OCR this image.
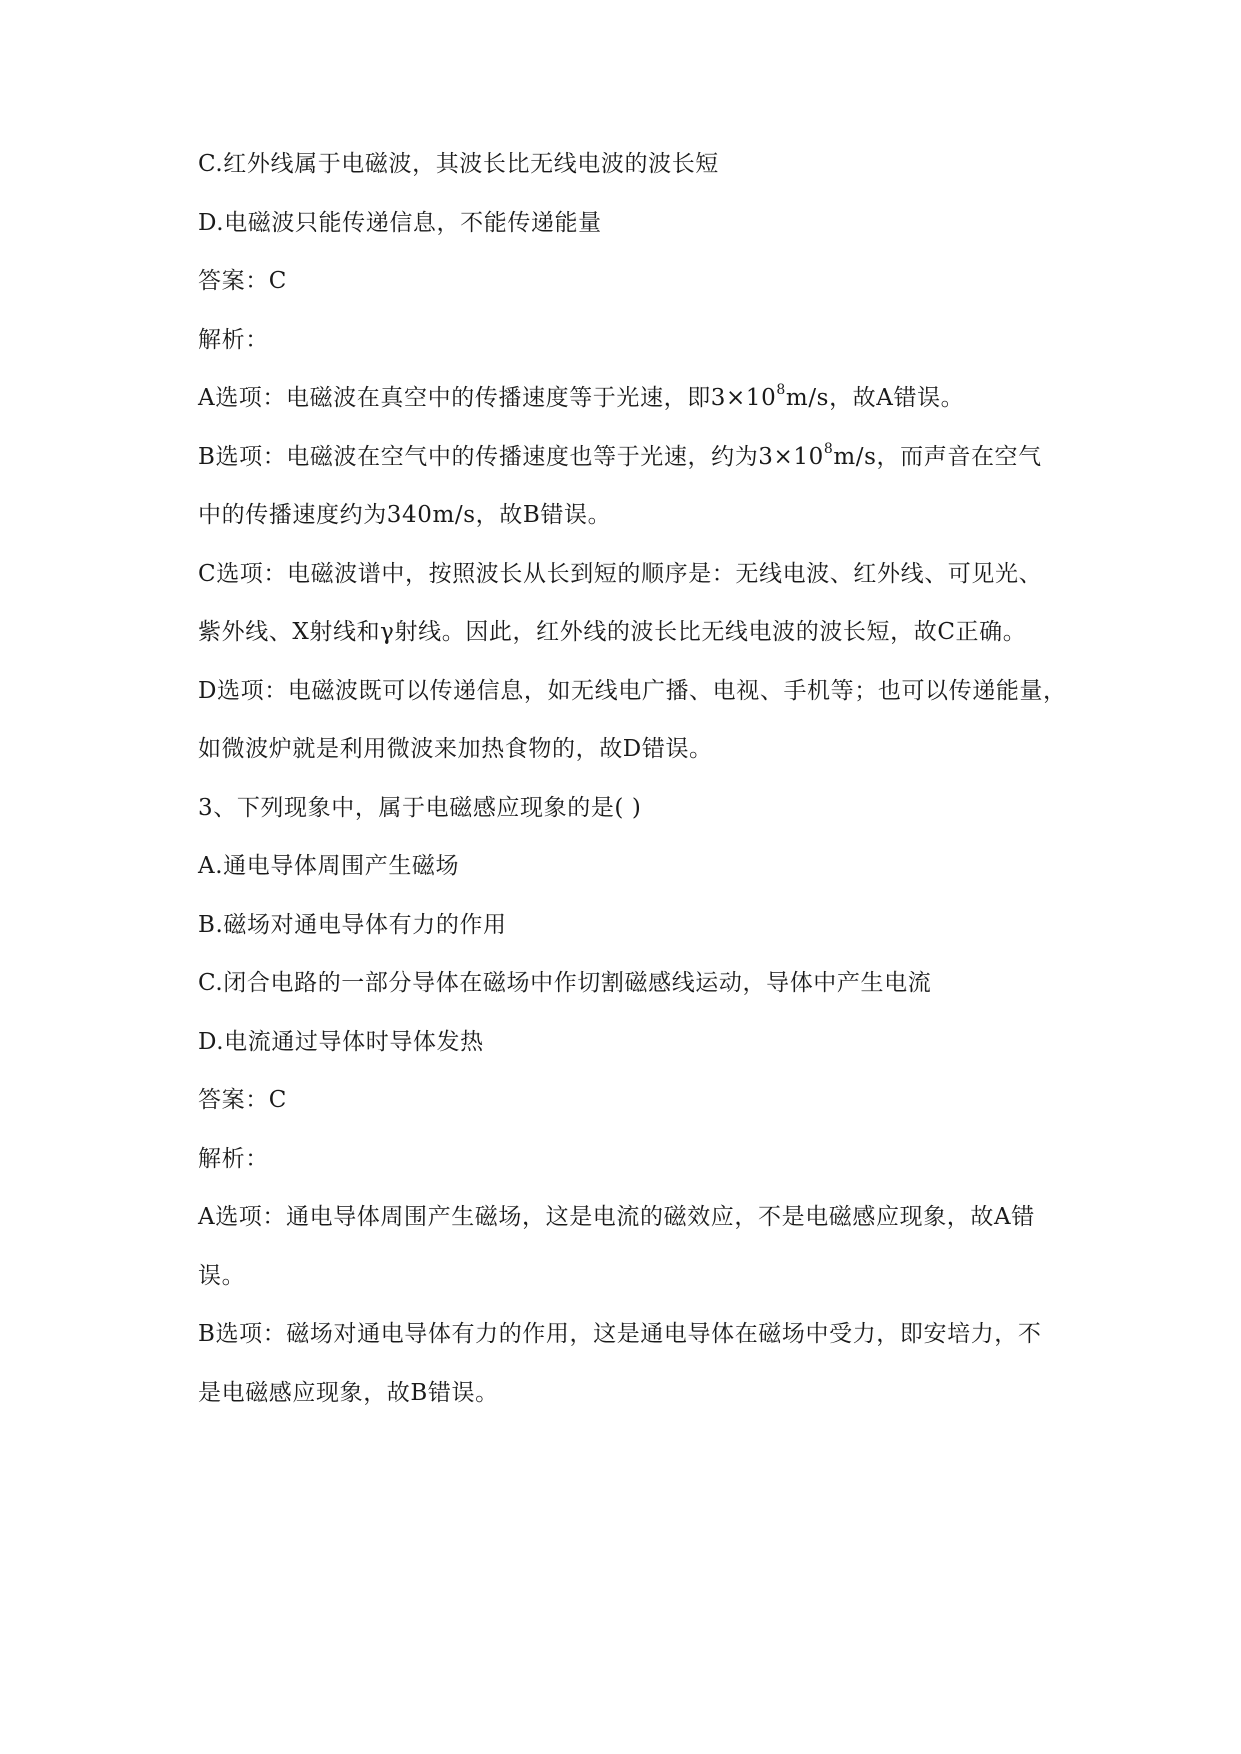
C.红外线属于电磁波，其波长比无线电波的波长短
D.电磁波只能传递信息，不能传递能量
答案：C
解析：
A选项：电磁波在真空中的传播速度等于光速，即$3\times 10^8m/s$，故A错误。
B选项：电磁波在空气中的传播速度也等于光速，约为$3\times 10^8m/s$，而声音在空气
中的传播速度约为340m/s，故B错误。
C选项：电磁波谱中，按照波长从长到短的顺序是：无线电波、红外线、可见光、
紫外线、X射线和γ射线。因此，红外线的波长比无线电波的波长短，故C正确。
D选项：电磁波既可以传递信息，如无线电广播、电视、手机等；也可以传递能量，
如微波炉就是利用微波来加热食物的，故D错误。
3、下列现象中，属于电磁感应现象的是( )
A.通电导体周围产生磁场
B.磁场对通电导体有力的作用
C.闭合电路的一部分导体在磁场中作切割磁感线运动，导体中产生电流
D.电流通过导体时导体发热
答案：C
解析：
A选项：通电导体周围产生磁场，这是电流的磁效应，不是电磁感应现象，故A错
误。
B选项：磁场对通电导体有力的作用，这是通电导体在磁场中受力，即安培力，不
是电磁感应现象，故B错误。
